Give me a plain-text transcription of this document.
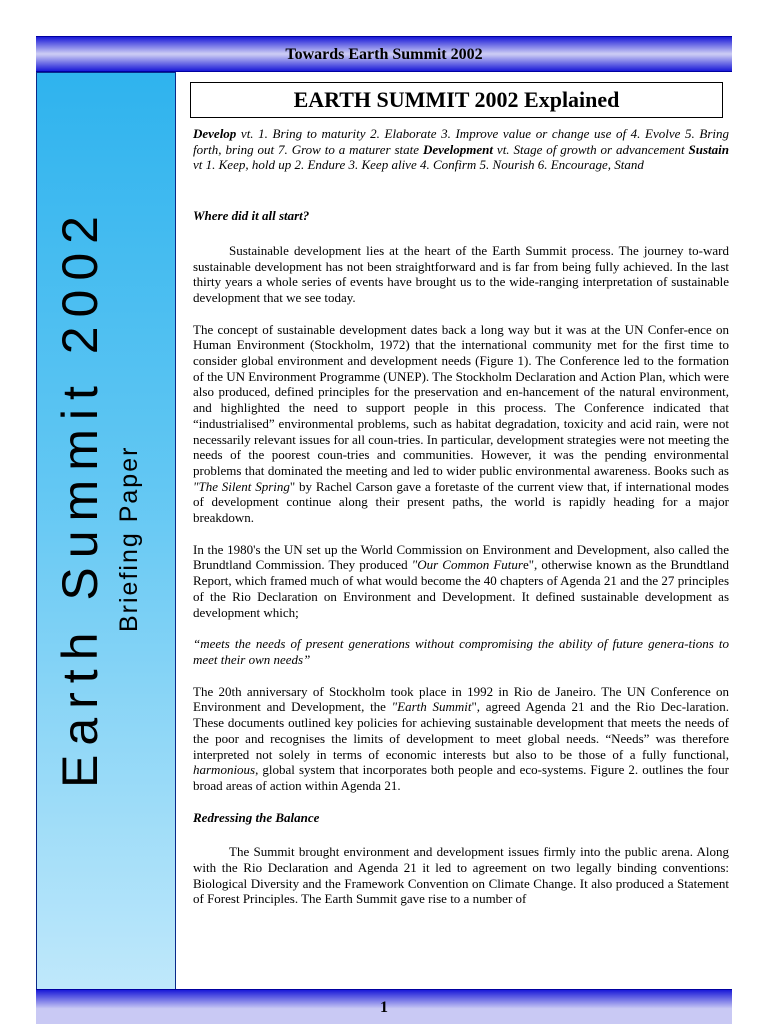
Towards Earth Summit 2002
Earth Summit 2002 Briefing Paper
EARTH SUMMIT 2002 Explained

Develop vt. 1. Bring to maturity 2. Elaborate 3. Improve value or change use of 4. Evolve 5. Bring forth, bring out 7. Grow to a maturer state Development vt. Stage of growth or advancement Sustain vt 1. Keep, hold up 2. Endure 3. Keep alive 4. Confirm 5. Nourish 6. Encourage, Stand

Where did it all start?

Sustainable development lies at the heart of the Earth Summit process. The journey to-ward sustainable development has not been straightforward and is far from being fully achieved. In the last thirty years a whole series of events have brought us to the wide-ranging interpretation of sustainable development that we see today.

The concept of sustainable development dates back a long way but it was at the UN Confer-ence on Human Environment (Stockholm, 1972) that the international community met for the first time to consider global environment and development needs (Figure 1). The Conference led to the formation of the UN Environment Programme (UNEP). The Stockholm Declaration and Action Plan, which were also produced, defined principles for the preservation and en-hancement of the natural environment, and highlighted the need to support people in this process. The Conference indicated that “industrialised” environmental problems, such as habitat degradation, toxicity and acid rain, were not necessarily relevant issues for all coun-tries. In particular, development strategies were not meeting the needs of the poorest coun-tries and communities. However, it was the pending environmental problems that dominated the meeting and led to wider public environmental awareness. Books such as "The Silent Spring" by Rachel Carson gave a foretaste of the current view that, if international modes of development continue along their present paths, the world is rapidly heading for a major breakdown.

In the 1980's the UN set up the World Commission on Environment and Development, also called the Brundtland Commission. They produced "Our Common Future", otherwise known as the Brundtland Report, which framed much of what would become the 40 chapters of Agenda 21 and the 27 principles of the Rio Declaration on Environment and Development. It defined sustainable development as development which;

“meets the needs of present generations without compromising the ability of future genera-tions to meet their own needs”

The 20th anniversary of Stockholm took place in 1992 in Rio de Janeiro. The UN Conference on Environment and Development, the "Earth Summit", agreed Agenda 21 and the Rio Dec-laration. These documents outlined key policies for achieving sustainable development that meets the needs of the poor and recognises the limits of development to meet global needs. “Needs” was therefore interpreted not solely in terms of economic interests but also to be those of a fully functional, harmonious, global system that incorporates both people and eco-systems. Figure 2. outlines the four broad areas of action within Agenda 21.

Redressing the Balance

The Summit brought environment and development issues firmly into the public arena. Along with the Rio Declaration and Agenda 21 it led to agreement on two legally binding conventions: Biological Diversity and the Framework Convention on Climate Change. It also produced a Statement of Forest Principles. The Earth Summit gave rise to a number of

1
